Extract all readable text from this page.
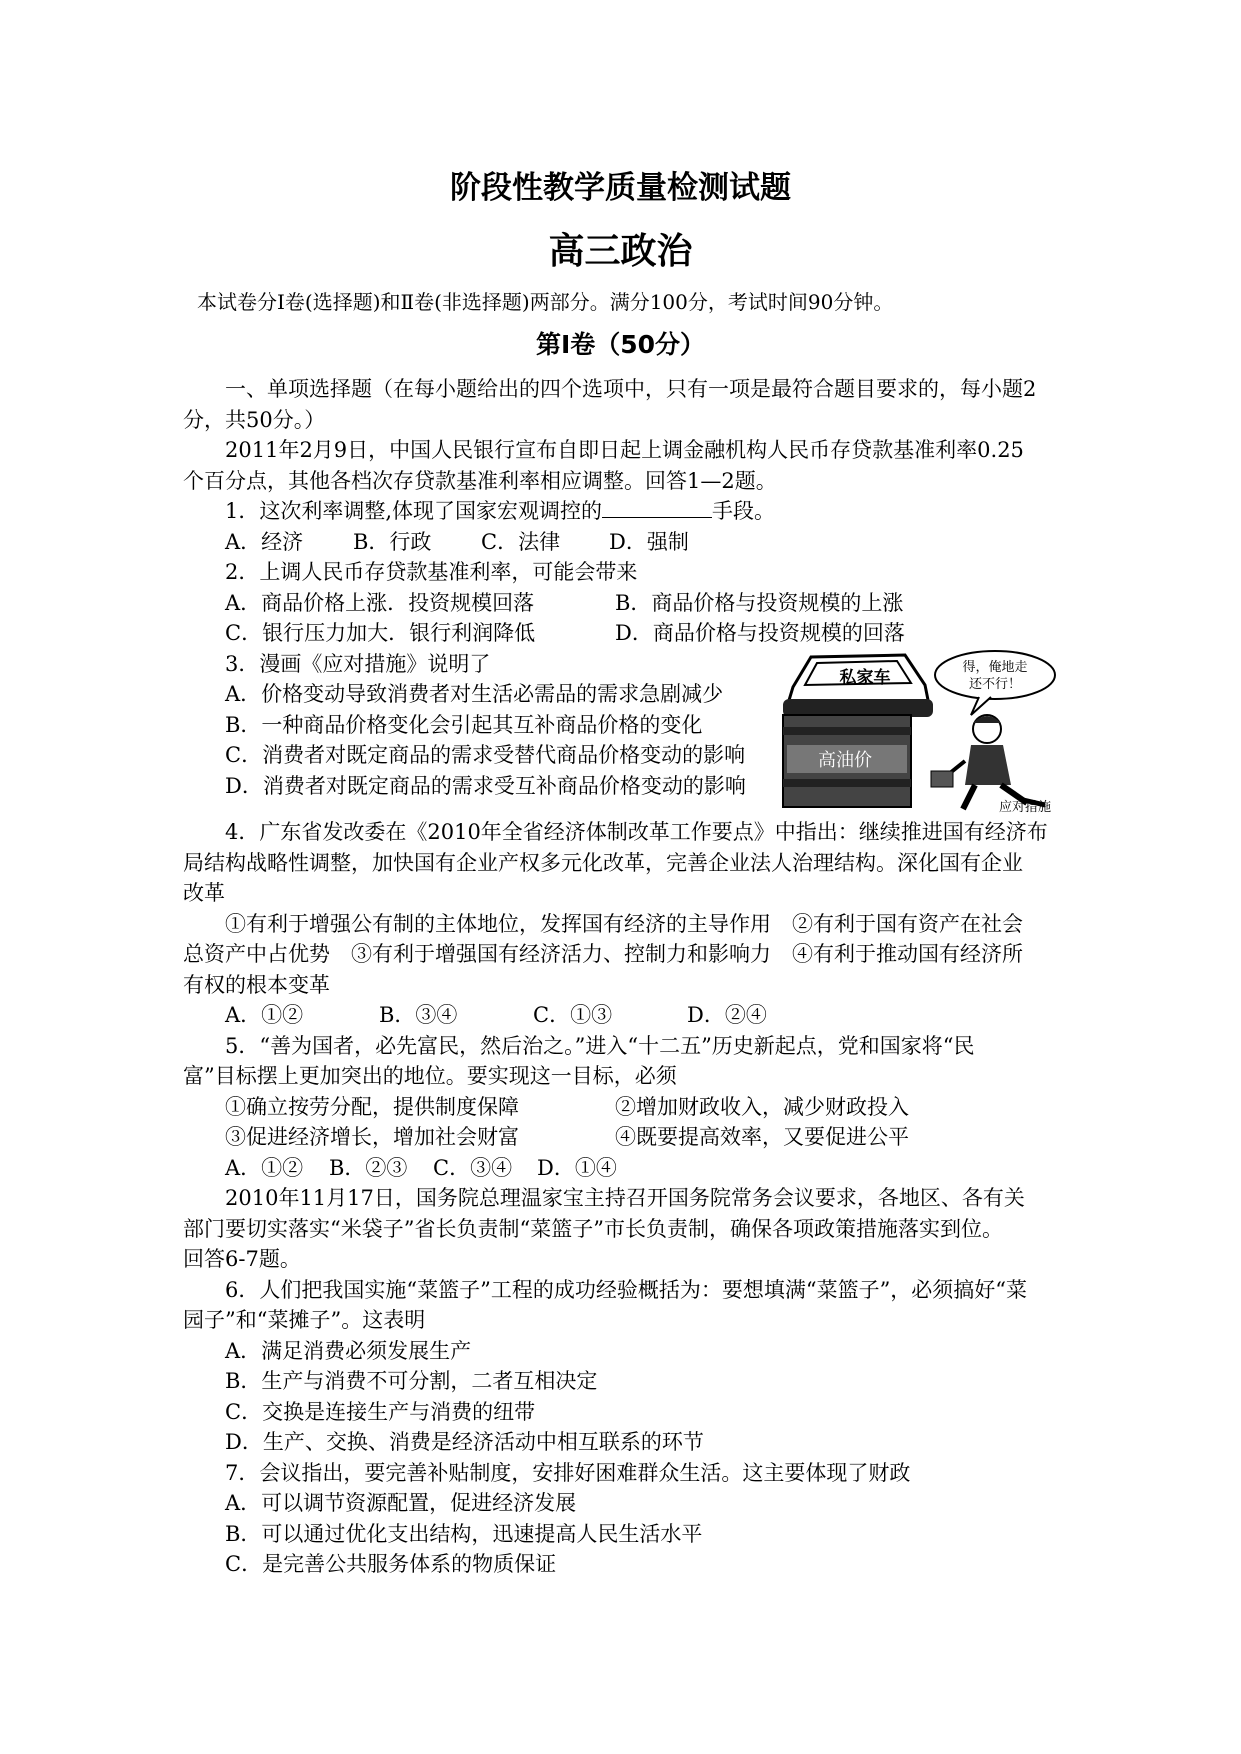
阶段性教学质量检测试题
高三政治
本试卷分Ⅰ卷(选择题)和Ⅱ卷(非选择题)两部分。满分100分，考试时间90分钟。
第Ⅰ卷（50分）

一、单项选择题（在每小题给出的四个选项中，只有一项是最符合题目要求的，每小题2

分，共50分。）

2011年2月9日，中国人民银行宣布自即日起上调金融机构人民币存贷款基准利率0.25

个百分点，其他各档次存贷款基准利率相应调整。回答1—2题。

1．这次利率调整,体现了国家宏观调控的	手段。

A．经济 B．行政 C．法律 D．强制

2．上调人民币存贷款基准利率，可能会带来

A．商品价格上涨．投资规模回落	B．商品价格与投资规模的上涨
C．银行压力加大．银行利润降低	D．商品价格与投资规模的回落

3．漫画《应对措施》说明了

A．价格变动导致消费者对生活必需品的需求急剧减少

B．一种商品价格变化会引起其互补商品价格的变化

C．消费者对既定商品的需求受替代商品价格变动的影响

D．消费者对既定商品的需求受互补商品价格变动的影响

私家车
高油价
得，俺地走
还不行！
应对措施

4．广东省发改委在《2010年全省经济体制改革工作要点》中指出：继续推进国有经济布

局结构战略性调整，加快国有企业产权多元化改革，完善企业法人治理结构。深化国有企业

改革

①有利于增强公有制的主体地位，发挥国有经济的主导作用　②有利于国有资产在社会

总资产中占优势　③有利于增强国有经济活力、控制力和影响力　④有利于推动国有经济所

有权的根本变革

A．①②	B．③④	C．①③	D．②④

5．“善为国者，必先富民，然后治之。”进入“十二五”历史新起点，党和国家将“民

富”目标摆上更加突出的地位。要实现这一目标，必须

①确立按劳分配，提供制度保障	②增加财政收入，减少财政投入
③促进经济增长，增加社会财富	④既要提高效率，又要促进公平

A．①② B．②③ C．③④ D．①④

2010年11月17日，国务院总理温家宝主持召开国务院常务会议要求，各地区、各有关

部门要切实落实“米袋子”省长负责制“菜篮子”市长负责制，确保各项政策措施落实到位。

回答6-7题。

6．人们把我国实施“菜篮子”工程的成功经验概括为：要想填满“菜篮子”，必须搞好“菜

园子”和“菜摊子”。这表明

A．满足消费必须发展生产

B．生产与消费不可分割，二者互相决定

C．交换是连接生产与消费的纽带

D．生产、交换、消费是经济活动中相互联系的环节

7．会议指出，要完善补贴制度，安排好困难群众生活。这主要体现了财政

A．可以调节资源配置，促进经济发展

B．可以通过优化支出结构，迅速提高人民生活水平

C．是完善公共服务体系的物质保证
